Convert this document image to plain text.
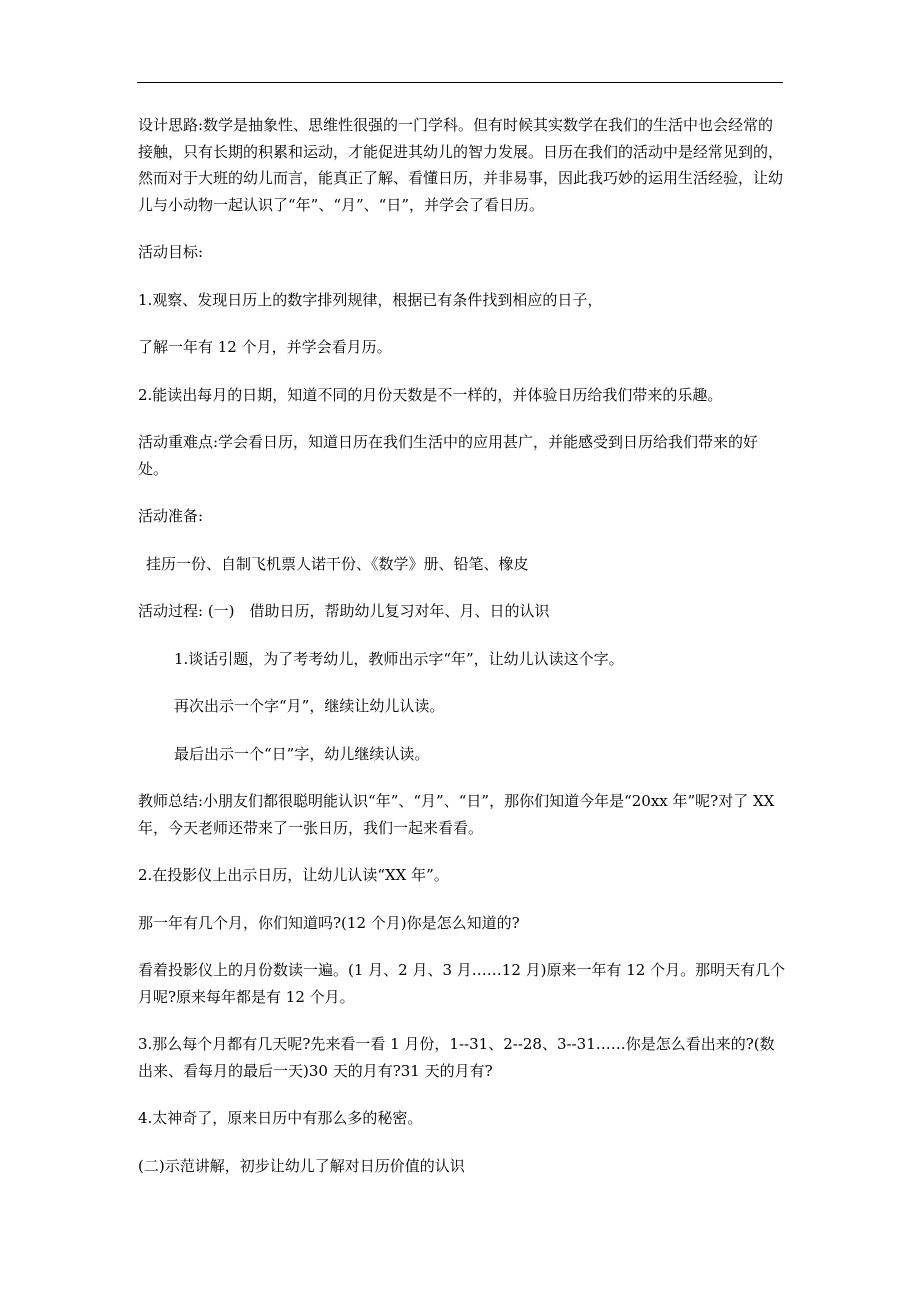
设计思路:数学是抽象性、思维性很强的一门学科。但有时候其实数学在我们的生活中也会经常的接触，只有长期的积累和运动，才能促进其幼儿的智力发展。日历在我们的活动中是经常见到的，然而对于大班的幼儿而言，能真正了解、看懂日历，并非易事，因此我巧妙的运用生活经验，让幼儿与小动物一起认识了“年”、“月”、“日”，并学会了看日历。

活动目标:

1.观察、发现日历上的数字排列规律，根据已有条件找到相应的日子，

了解一年有 12 个月，并学会看月历。

2.能读出每月的日期，知道不同的月份天数是不一样的，并体验日历给我们带来的乐趣。

活动重难点:学会看日历，知道日历在我们生活中的应用甚广，并能感受到日历给我们带来的好处。

活动准备:

挂历一份、自制飞机票人诺干份、《数学》册、铅笔、橡皮

活动过程: (一)　借助日历，帮助幼儿复习对年、月、日的认识

1.谈话引题，为了考考幼儿，教师出示字“年”，让幼儿认读这个字。

再次出示一个字“月”，继续让幼儿认读。

最后出示一个“日”字，幼儿继续认读。

教师总结:小朋友们都很聪明能认识“年”、“月”、“日”，那你们知道今年是“20xx 年”呢?对了 XX 年，今天老师还带来了一张日历，我们一起来看看。

2.在投影仪上出示日历，让幼儿认读“XX 年”。

那一年有几个月，你们知道吗?(12 个月)你是怎么知道的?

看着投影仪上的月份数读一遍。(1 月、2 月、3 月……12 月)原来一年有 12 个月。那明天有几个月呢?原来每年都是有 12 个月。

3.那么每个月都有几天呢?先来看一看 1 月份，1--31、2--28、3--31……你是怎么看出来的?(数出来、看每月的最后一天)30 天的月有?31 天的月有?

4.太神奇了，原来日历中有那么多的秘密。

(二)示范讲解，初步让幼儿了解对日历价值的认识
